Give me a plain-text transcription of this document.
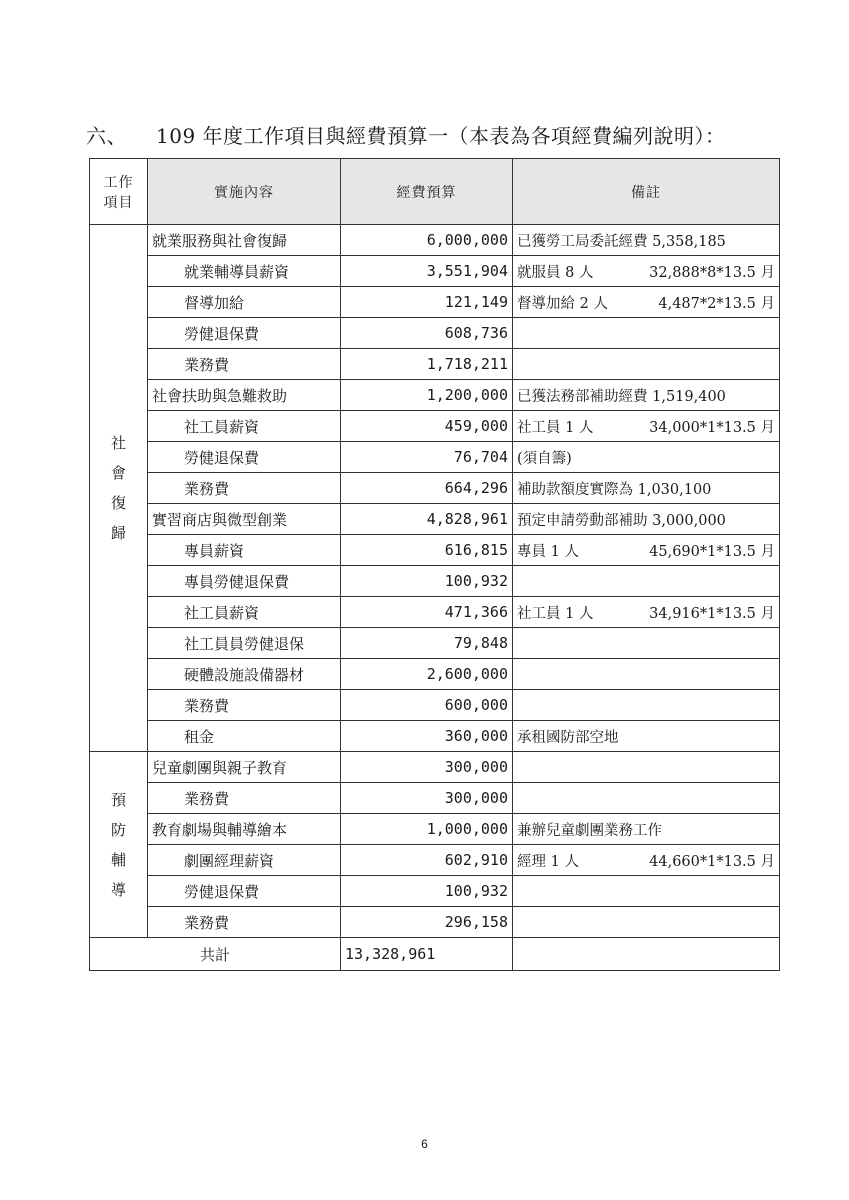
六、 109 年度工作項目與經費預算一（本表為各項經費編列說明）：
工作
項目	實施內容	經費預算	備註

社
會
復
歸	就業服務與社會復歸	6,000,000	已獲勞工局委託經費 5,358,185
	就業輔導員薪資	3,551,904	就服員 8 人 32,888*8*13.5 月

	督導加給	121,149	督導加給 2 人 4,487*2*13.5 月

	勞健退保費	608,736	
	業務費	1,718,211	
	社會扶助與急難救助	1,200,000	已獲法務部補助經費 1,519,400
	社工員薪資	459,000	社工員 1 人 34,000*1*13.5 月

	勞健退保費	76,704	(須自籌)
	業務費	664,296	補助款額度實際為 1,030,100
	實習商店與微型創業	4,828,961	預定申請勞動部補助 3,000,000
	專員薪資	616,815	專員 1 人 45,690*1*13.5 月

	專員勞健退保費	100,932	
	社工員薪資	471,366	社工員 1 人 34,916*1*13.5 月

	社工員員勞健退保	79,848	
	硬體設施設備器材	2,600,000	
	業務費	600,000	
	租金	360,000	承租國防部空地

預
防
輔
導	兒童劇團與親子教育	300,000	
	業務費	300,000	
	教育劇場與輔導繪本	1,000,000	兼辦兒童劇團業務工作
	劇團經理薪資	602,910	經理 1 人 44,660*1*13.5 月

	勞健退保費	100,932	
	業務費	296,158	
共計		13,328,961	
6
